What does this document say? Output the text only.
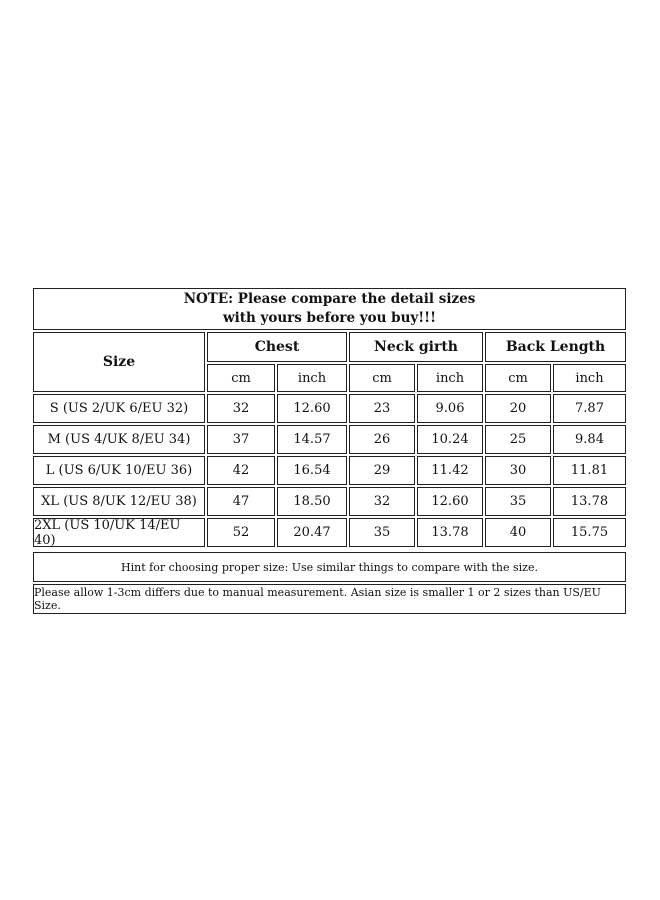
NOTE: Please compare the detail sizes
with yours before you buy!!!
Size
Chest	Neck girth	Back Length
cm	inch	cm	inch	cm	inch
S (US 2/UK 6/EU 32)	32	12.60	23	9.06	20	7.87
M (US 4/UK 8/EU 34)	37	14.57	26	10.24	25	9.84
L (US 6/UK 10/EU 36)	42	16.54	29	11.42	30	11.81
XL (US 8/UK 12/EU 38)	47	18.50	32	12.60	35	13.78
2XL (US 10/UK 14/EU 40)	52	20.47	35	13.78	40	15.75
Hint for choosing proper size: Use similar things to compare with the size.
Please allow 1-3cm differs due to manual measurement. Asian size is smaller 1 or 2 sizes than US/EU Size.
